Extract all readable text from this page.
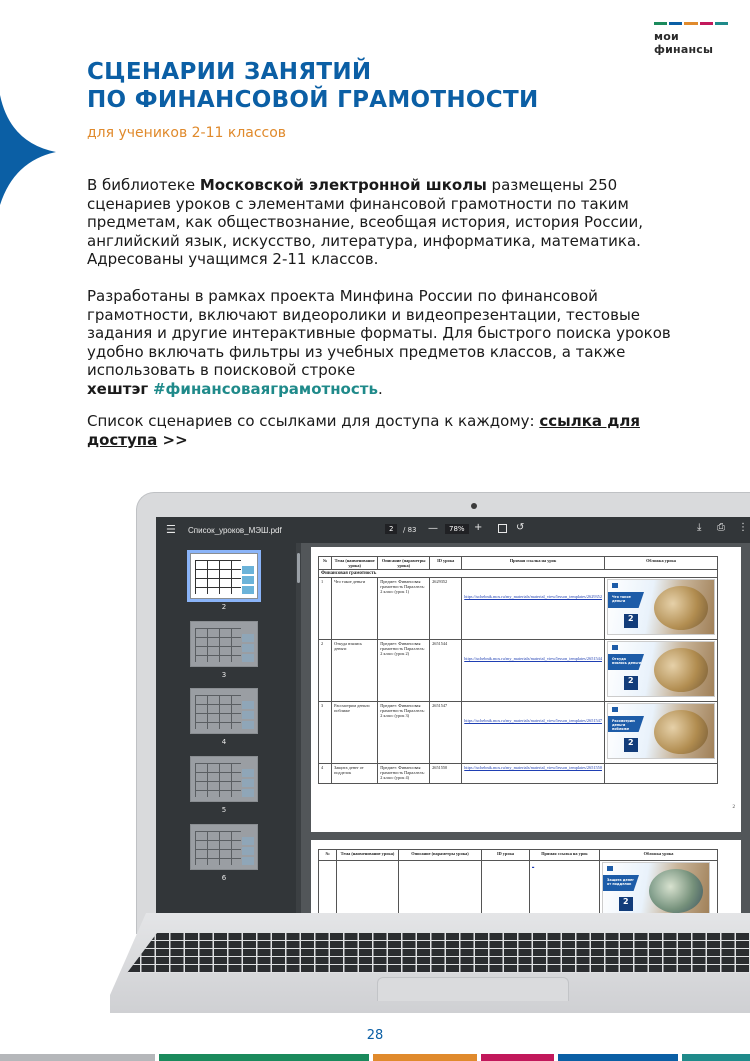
мои финансы
СЦЕНАРИИ ЗАНЯТИЙ
ПО ФИНАНСОВОЙ ГРАМОТНОСТИ
для учеников 2-11 классов
В библиотеке Московской электронной школы размещены 250 сценариев уроков с элементами финансовой грамотности по таким предметам, как обществознание, всеобщая история, история России, английский язык, искусство, литература, информатика, математика. Адресованы учащимся 2-11 классов.
Разработаны в рамках проекта Минфина России по финансовой грамотности, включают видеоролики и видеопрезентации, тестовые задания и другие интерактивные форматы. Для быстрого поиска уроков удобно включать фильтры из учебных предметов классов, а также использовать в поисковой строке
хештэг #финансоваяграмотность.
Список сценариев со ссылками для доступа к каждому: ссылка для доступа >>
☰ Список_уроков_МЭШ.pdf	2	/ 83 —	78% +	↺	⤓ ⎙ ⋮
2
3
4
5
6
№	Тема (наименование урока)	Описание (параметры урока)	ID урока	Прямая ссылка на урок	Обложка урока
Финансовая грамотность					
1	Что такое деньги	Предмет: Финансовая грамотность Параллель: 2 класс (урок 1)	2629352	https://uchebnik.mos.ru/my_materials/material_view/lesson_templates/2629352	Что такое деньги
2

2	Откуда взялись деньги	Предмет: Финансовая грамотность Параллель: 2 класс (урок 2)	2651544	https://uchebnik.mos.ru/my_materials/material_view/lesson_templates/2651544	Откуда взялись деньги
2

3	Рассмотрим деньги поближе	Предмет: Финансовая грамотность Параллель: 2 класс (урок 3)	2651547	https://uchebnik.mos.ru/my_materials/material_view/lesson_templates/2651547	Рассмотрим деньги поближе
2

4	Защита денег от подделок	Предмет: Финансовая грамотность Параллель: 2 класс (урок 4)	2651550	https://uchebnik.mos.ru/my_materials/material_view/lesson_templates/2651550	
2
№	Тема (наименование урока)	Описание (параметры урока)	ID урока	Прямая ссылка на урок	Обложка урока
				_	Защита денег от подделок
2
28
